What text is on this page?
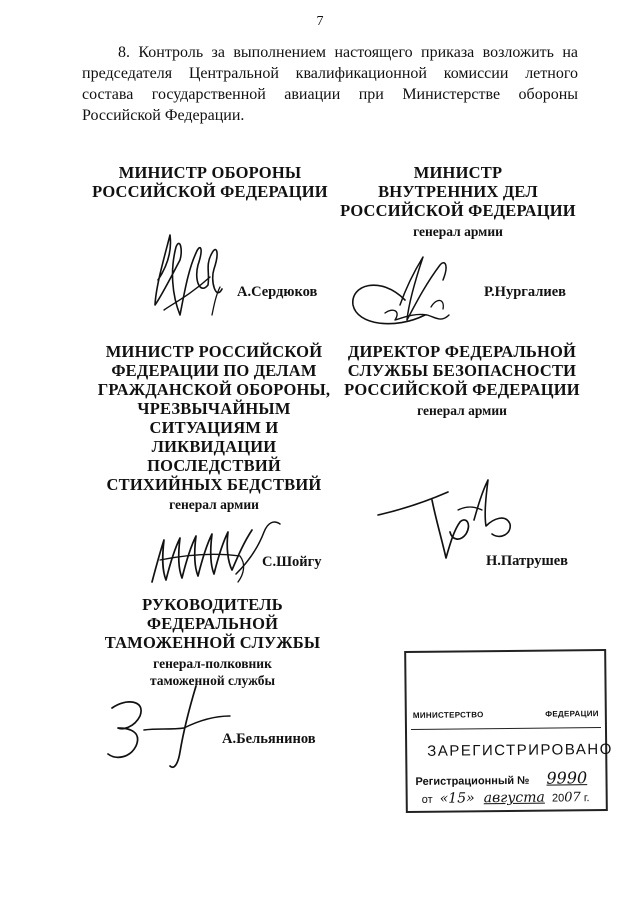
7
8. Контроль за выполнением настоящего приказа возложить на председателя Центральной квалификационной комиссии летного состава государственной авиации при Министерстве обороны Российской Федерации.
МИНИСТР ОБОРОНЫ
РОССИЙСКОЙ ФЕДЕРАЦИИ
А.Сердюков
МИНИСТР
ВНУТРЕННИХ ДЕЛ
РОССИЙСКОЙ ФЕДЕРАЦИИ
генерал армии
Р.Нургалиев
МИНИСТР РОССИЙСКОЙ
ФЕДЕРАЦИИ ПО ДЕЛАМ
ГРАЖДАНСКОЙ ОБОРОНЫ,
ЧРЕЗВЫЧАЙНЫМ
СИТУАЦИЯМ И
ЛИКВИДАЦИИ
ПОСЛЕДСТВИЙ
СТИХИЙНЫХ БЕДСТВИЙ
генерал армии
С.Шойгу
ДИРЕКТОР ФЕДЕРАЛЬНОЙ
СЛУЖБЫ БЕЗОПАСНОСТИ
РОССИЙСКОЙ ФЕДЕРАЦИИ
генерал армии
Н.Патрушев
РУКОВОДИТЕЛЬ
ФЕДЕРАЛЬНОЙ
ТАМОЖЕННОЙ СЛУЖБЫ
генерал-полковник
таможенной службы
А.Бельянинов
МИНИСТЕРСТВО	ФЕДЕРАЦИИ
ЗАРЕГИСТРИРОВАНО
Регистрационный № 9990
от «15» августа 2007 г.
